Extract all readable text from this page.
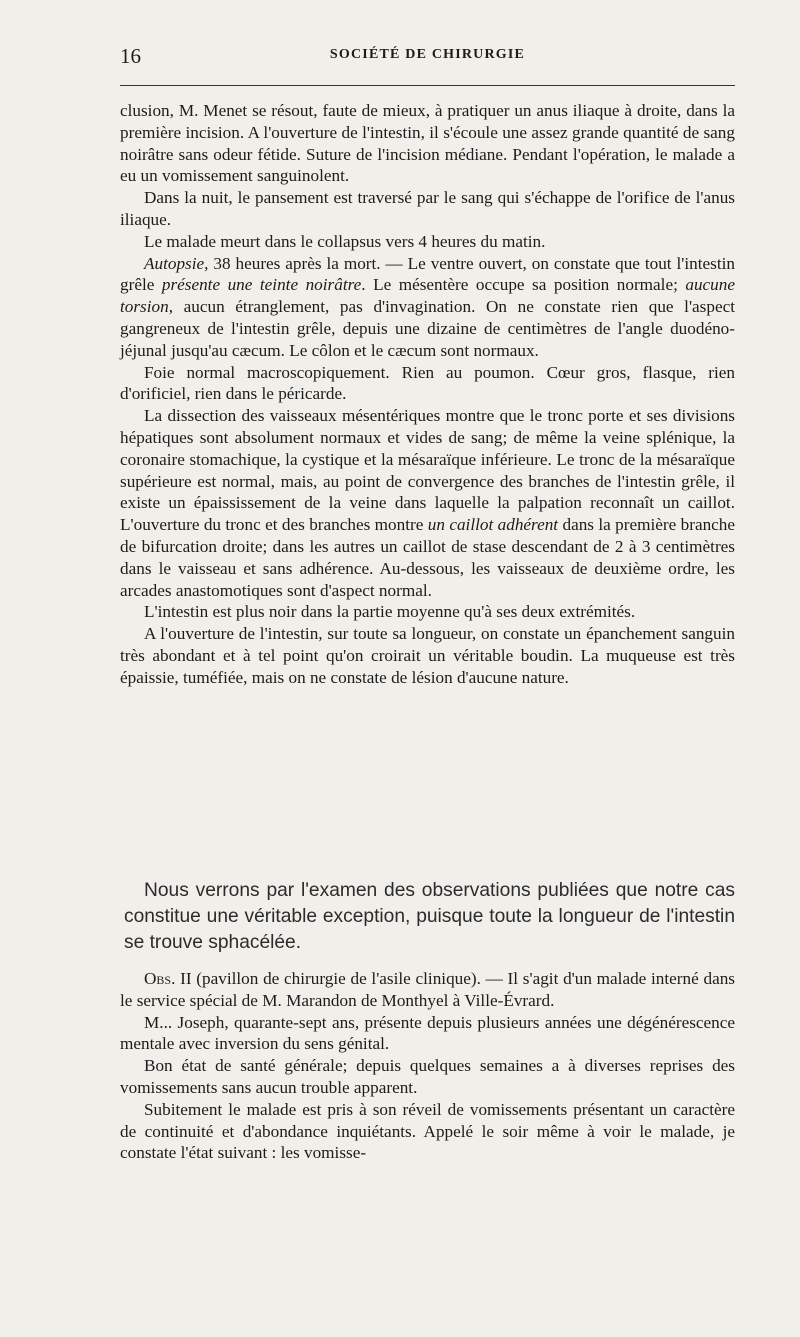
16	SOCIÉTÉ DE CHIRURGIE

clusion, M. Menet se résout, faute de mieux, à pratiquer un anus iliaque à droite, dans la première incision. A l'ouverture de l'intestin, il s'écoule une assez grande quantité de sang noirâtre sans odeur fétide. Suture de l'incision médiane. Pendant l'opération, le malade a eu un vomissement sanguinolent.

Dans la nuit, le pansement est traversé par le sang qui s'échappe de l'orifice de l'anus iliaque.

Le malade meurt dans le collapsus vers 4 heures du matin.

Autopsie, 38 heures après la mort. — Le ventre ouvert, on constate que tout l'intestin grêle présente une teinte noirâtre. Le mésentère occupe sa position normale; aucune torsion, aucun étranglement, pas d'invagination. On ne constate rien que l'aspect gangreneux de l'intestin grêle, depuis une dizaine de centimètres de l'angle duodéno-jéjunal jusqu'au cæcum. Le côlon et le cæcum sont normaux.

Foie normal macroscopiquement. Rien au poumon. Cœur gros, flasque, rien d'orificiel, rien dans le péricarde.

La dissection des vaisseaux mésentériques montre que le tronc porte et ses divisions hépatiques sont absolument normaux et vides de sang; de même la veine splénique, la coronaire stomachique, la cystique et la mésaraïque inférieure. Le tronc de la mésaraïque supérieure est normal, mais, au point de convergence des branches de l'intestin grêle, il existe un épaississement de la veine dans laquelle la palpation reconnaît un caillot. L'ouverture du tronc et des branches montre un caillot adhérent dans la première branche de bifurcation droite; dans les autres un caillot de stase descendant de 2 à 3 centimètres dans le vaisseau et sans adhérence. Au-dessous, les vaisseaux de deuxième ordre, les arcades anastomotiques sont d'aspect normal.

L'intestin est plus noir dans la partie moyenne qu'à ses deux extrémités.

A l'ouverture de l'intestin, sur toute sa longueur, on constate un épanchement sanguin très abondant et à tel point qu'on croirait un véritable boudin. La muqueuse est très épaissie, tuméfiée, mais on ne constate de lésion d'aucune nature.

Nous verrons par l'examen des observations publiées que notre cas constitue une véritable exception, puisque toute la longueur de l'intestin se trouve sphacélée.

Obs. II (pavillon de chirurgie de l'asile clinique). — Il s'agit d'un malade interné dans le service spécial de M. Marandon de Monthyel à Ville-Évrard.

M... Joseph, quarante-sept ans, présente depuis plusieurs années une dégénérescence mentale avec inversion du sens génital.

Bon état de santé générale; depuis quelques semaines a à diverses reprises des vomissements sans aucun trouble apparent.

Subitement le malade est pris à son réveil de vomissements présentant un caractère de continuité et d'abondance inquiétants. Appelé le soir même à voir le malade, je constate l'état suivant : les vomisse-
